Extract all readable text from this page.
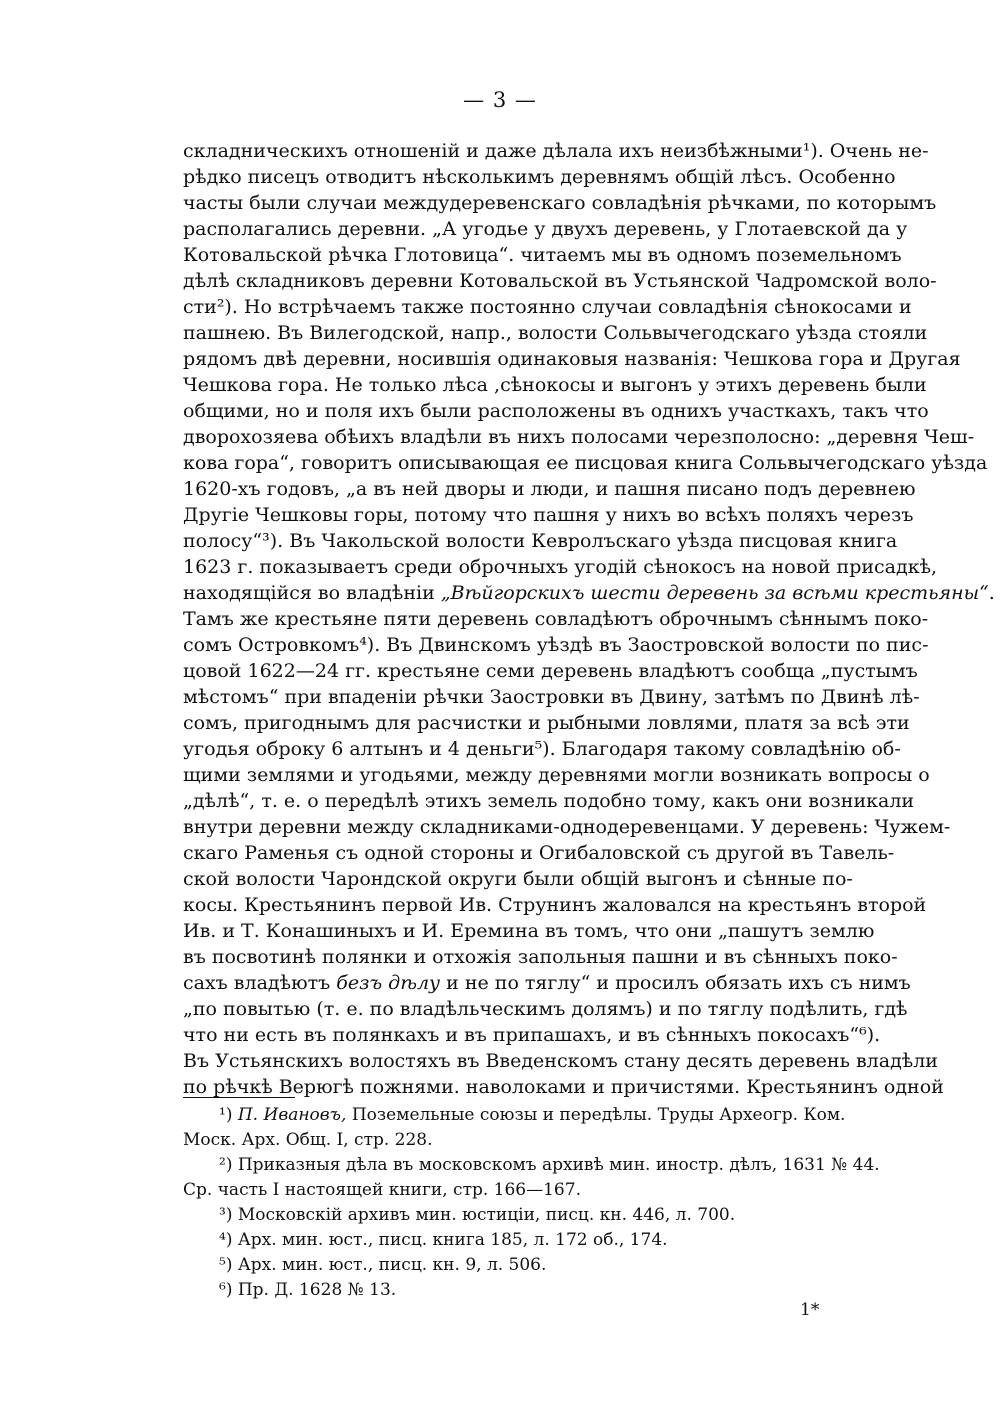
— 3 —
складническихъ отношеній и даже дѣлала ихъ неизбѣжными¹). Очень не-
рѣдко писецъ отводитъ нѣсколькимъ деревнямъ общій лѣсъ. Особенно
часты были случаи междудеревенскаго совладѣнія рѣчками, по которымъ
располагались деревни. „А угодье у двухъ деревень, у Глотаевской да у
Котовальской рѣчка Глотовица“. читаемъ мы въ одномъ поземельномъ
дѣлѣ складниковъ деревни Котовальской въ Устьянской Чадромской воло-
сти²). Но встрѣчаемъ также постоянно случаи совладѣнія сѣнокосами и
пашнею. Въ Вилегодской, напр., волости Сольвычегодскаго уѣзда стояли
рядомъ двѣ деревни, носившія одинаковыя названія: Чешкова гора и Другая
Чешкова гора. Не только лѣса ,сѣнокосы и выгонъ у этихъ деревень были
общими, но и поля ихъ были расположены въ однихъ участкахъ, такъ что
дворохозяева обѣихъ владѣли въ нихъ полосами черезполосно: „деревня Чеш-
кова гора“, говоритъ описывающая ее писцовая книга Сольвычегодскаго уѣзда
1620-хъ годовъ, „а въ ней дворы и люди, и пашня писано подъ деревнею
Другіе Чешковы горы, потому что пашня у нихъ во всѣхъ поляхъ черезъ
полосу“³). Въ Чакольской волости Кевролъскаго уѣзда писцовая книга
1623 г. показываетъ среди оброчныхъ угодій сѣнокосъ на новой присадкѣ,
находящійся во владѣніи „Вѣйгорскихъ шести деревень за всѣми крестьяны“.
Тамъ же крестьяне пяти деревень совладѣютъ оброчнымъ сѣннымъ поко-
сомъ Островкомъ⁴). Въ Двинскомъ уѣздѣ въ Заостровской волости по пис-
цовой 1622—24 гг. крестьяне семи деревень владѣютъ сообща „пустымъ
мѣстомъ“ при впаденіи рѣчки Заостровки въ Двину, затѣмъ по Двинѣ лѣ-
сомъ, пригоднымъ для расчистки и рыбными ловлями, платя за всѣ эти
угодья оброку 6 алтынъ и 4 деньги⁵). Благодаря такому совладѣнію об-
щими землями и угодьями, между деревнями могли возникать вопросы о
„дѣлѣ“, т. е. о передѣлѣ этихъ земель подобно тому, какъ они возникали
внутри деревни между складниками-однодеревенцами. У деревень: Чужем-
скаго Раменья съ одной стороны и Огибаловской съ другой въ Тавель-
ской волости Чарондской округи были общій выгонъ и сѣнные по-
косы. Крестьянинъ первой Ив. Струнинъ жаловался на крестьянъ второй
Ив. и Т. Конашиныхъ и И. Еремина въ томъ, что они „пашутъ землю
въ посвотинѣ полянки и отхожія запольныя пашни и въ сѣнныхъ поко-
сахъ владѣютъ безъ дѣлу и не по тяглу“ и просилъ обязать ихъ съ нимъ
„по повытью (т. е. по владѣльческимъ долямъ) и по тяглу подѣлить, гдѣ
что ни есть въ полянкахъ и въ припашахъ, и въ сѣнныхъ покосахъ“⁶).
Въ Устьянскихъ волостяхъ въ Введенскомъ стану десять деревень владѣли
по рѣчкѣ Верюгѣ пожнями. наволоками и причистями. Крестьянинъ одной
¹) П. Ивановъ, Поземельные союзы и передѣлы. Труды Археогр. Ком.
Моск. Арх. Общ. I, стр. 228.
²) Приказныя дѣла въ московскомъ архивѣ мин. иностр. дѣлъ, 1631 № 44.
Ср. часть I настоящей книги, стр. 166—167.
³) Московскій архивъ мин. юстиціи, писц. кн. 446, л. 700.
⁴) Арх. мин. юст., писц. книга 185, л. 172 об., 174.
⁵) Арх. мин. юст., писц. кн. 9, л. 506.
⁶) Пр. Д. 1628 № 13.
1*
